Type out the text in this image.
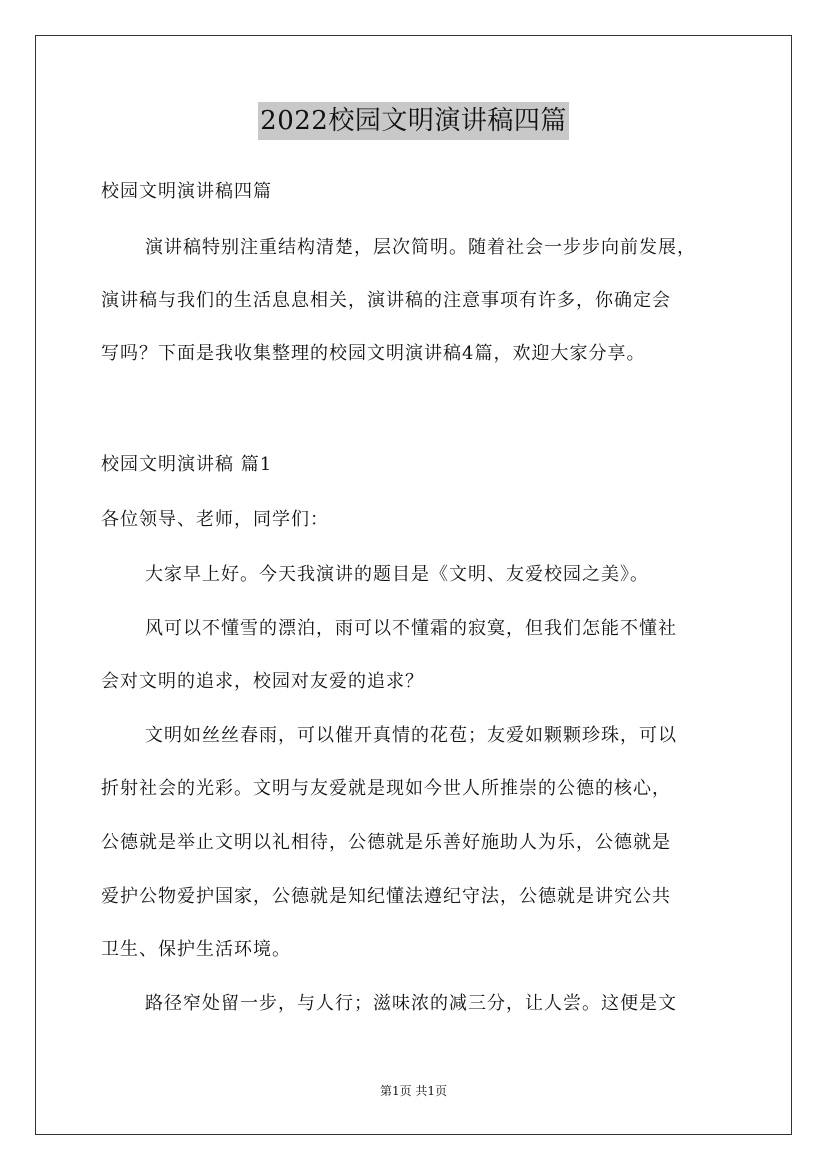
2022校园文明演讲稿四篇
校园文明演讲稿四篇
演讲稿特别注重结构清楚，层次简明。随着社会一步步向前发展，
演讲稿与我们的生活息息相关，演讲稿的注意事项有许多，你确定会
写吗？下面是我收集整理的校园文明演讲稿4篇，欢迎大家分享。
校园文明演讲稿 篇1
各位领导、老师，同学们：
大家早上好。今天我演讲的题目是《文明、友爱校园之美》。
风可以不懂雪的漂泊，雨可以不懂霜的寂寞，但我们怎能不懂社
会对文明的追求，校园对友爱的追求？
文明如丝丝春雨，可以催开真情的花苞；友爱如颗颗珍珠，可以
折射社会的光彩。文明与友爱就是现如今世人所推崇的公德的核心，
公德就是举止文明以礼相待，公德就是乐善好施助人为乐，公德就是
爱护公物爱护国家，公德就是知纪懂法遵纪守法，公德就是讲究公共
卫生、保护生活环境。
路径窄处留一步，与人行；滋味浓的减三分，让人尝。这便是文
第1页 共1页
